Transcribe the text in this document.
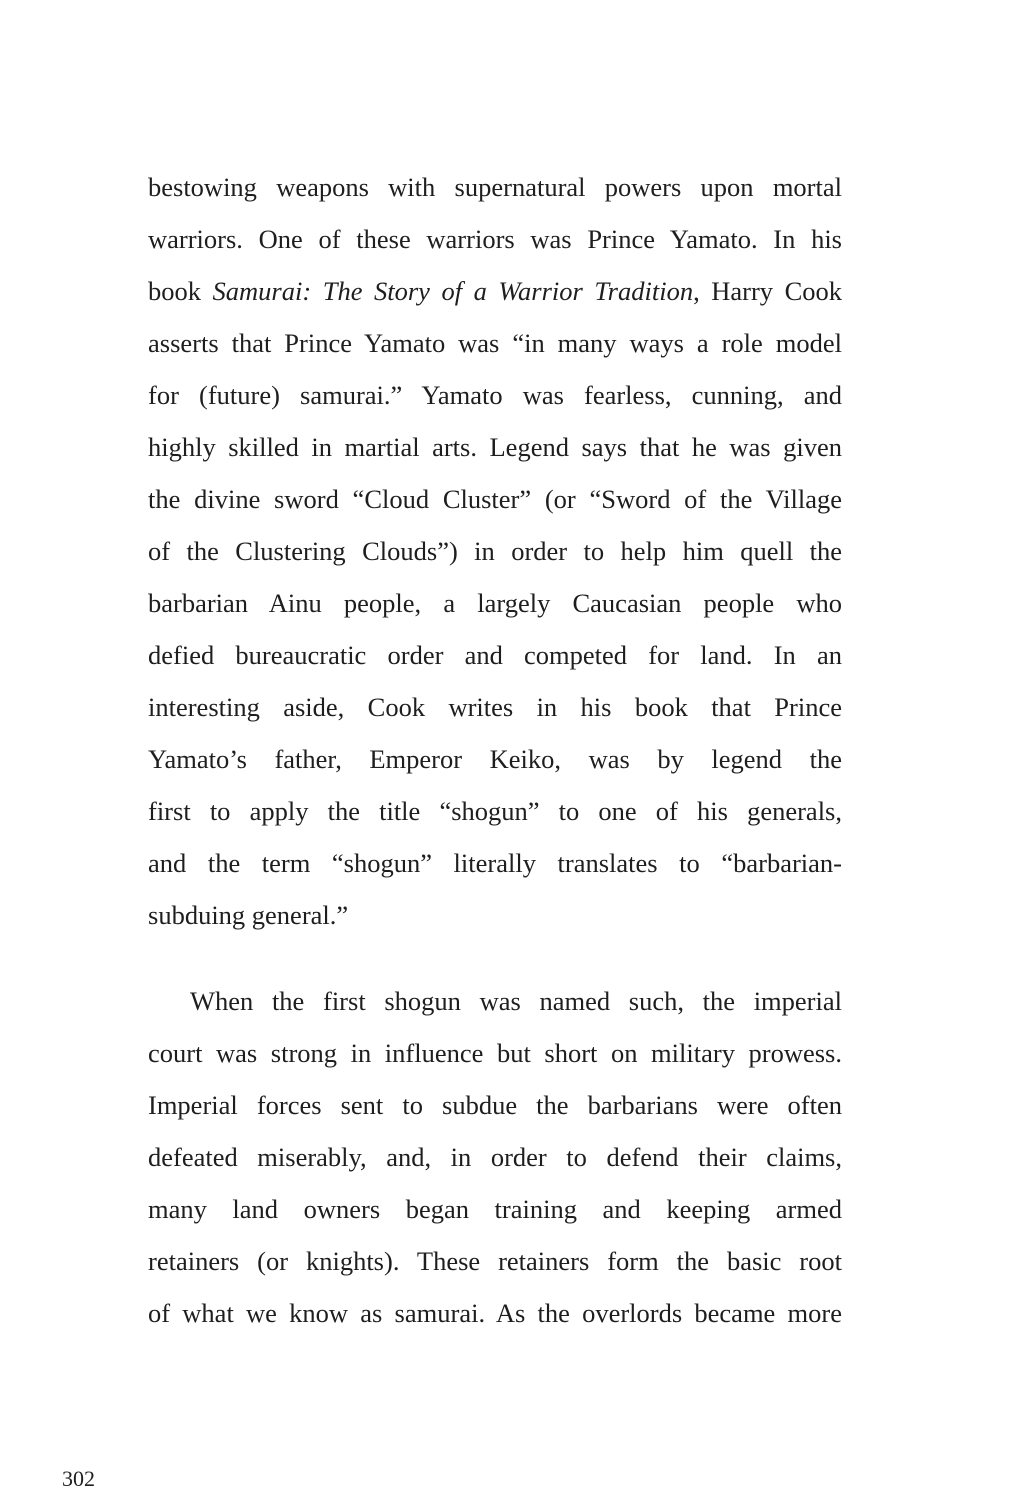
bestowing weapons with supernatural powers upon mortal
warriors. One of these warriors was Prince Yamato. In his
book Samurai: The Story of a Warrior Tradition, Harry Cook
asserts that Prince Yamato was “in many ways a role model
for (future) samurai.” Yamato was fearless, cunning, and
highly skilled in martial arts. Legend says that he was given
the divine sword “Cloud Cluster” (or “Sword of the Village
of the Clustering Clouds”) in order to help him quell the
barbarian Ainu people, a largely Caucasian people who
defied bureaucratic order and competed for land. In an
interesting aside, Cook writes in his book that Prince
Yamato’s father, Emperor Keiko, was by legend the
first to apply the title “shogun” to one of his generals,
and the term “shogun” literally translates to “barbarian-
subduing general.”
When the first shogun was named such, the imperial
court was strong in influence but short on military prowess.
Imperial forces sent to subdue the barbarians were often
defeated miserably, and, in order to defend their claims,
many land owners began training and keeping armed
retainers (or knights). These retainers form the basic root
of what we know as samurai. As the overlords became more
302
